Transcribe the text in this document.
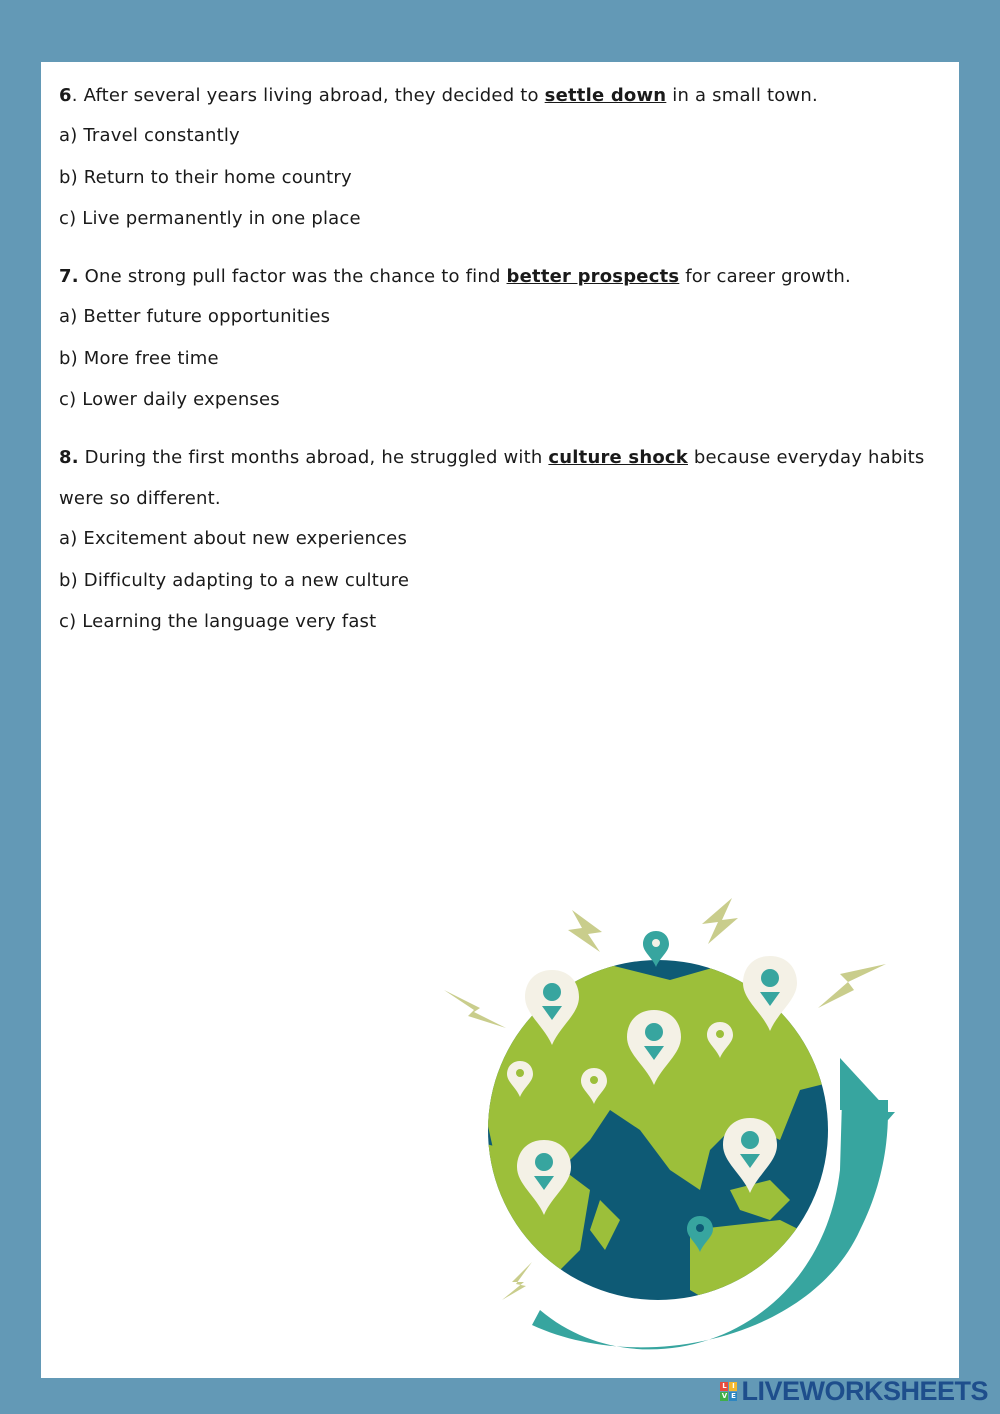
6. After several years living abroad, they decided to settle down in a small town.

a) Travel constantly

b) Return to their home country

c) Live permanently in one place

7. One strong pull factor was the chance to find better prospects for career growth.

a) Better future opportunities

b) More free time

c) Lower daily expenses

8. During the first months abroad, he struggled with culture shock because everyday habits were so different.

a) Excitement about new experiences

b) Difficulty adapting to a new culture

c) Learning the language very fast

L I
V E LIVEWORKSHEETS
